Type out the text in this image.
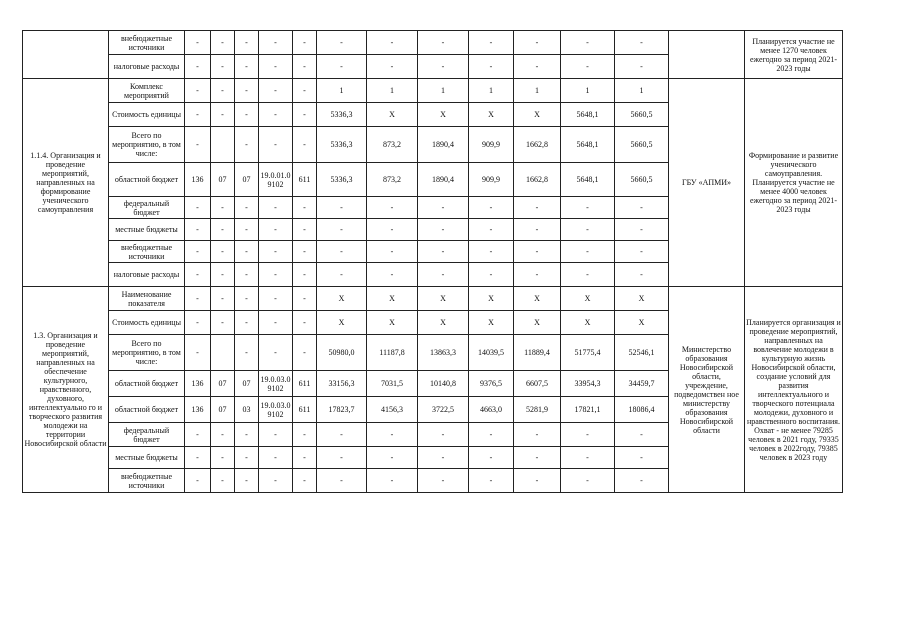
	внебюджетные источники	-	-	-	-	-	-	-	-	-	-	-	-		Планируется участие не менее 1270 человек ежегодно за период 2021-2023 годы
	налоговые расходы	-	-	-	-	-	-	-	-	-	-	-	-		
1.1.4. Организация и проведение мероприятий, направленных на формирование ученического самоуправления	Комплекс мероприятий	-	-	-	-	-	1	1	1	1	1	1	1	ГБУ «АПМИ»	Формирование и развитие ученического самоуправления. Планируется участие не менее 4000 человек ежегодно за период 2021-2023 годы
	Стоимость единицы	-	-	-	-	-	5336,3	X	X	X	X	5648,1	5660,5		
	Всего по мероприятию, в том числе:	-		-	-	-	5336,3	873,2	1890,4	909,9	1662,8	5648,1	5660,5		
	областной бюджет	136	07	07	19.0.01.0 9102	611	5336,3	873,2	1890,4	909,9	1662,8	5648,1	5660,5		
	федеральный бюджет	-	-	-	-	-	-	-	-	-	-	-	-		
	местные бюджеты	-	-	-	-	-	-	-	-	-	-	-	-		
	внебюджетные источники	-	-	-	-	-	-	-	-	-	-	-	-		
	налоговые расходы	-	-	-	-	-	-	-	-	-	-	-	-		
1.3. Организация и проведение мероприятий, направленных на обеспечение культурного, нравственного, духовного, интеллектуально го и творческого развития молодежи на территории Новосибирской области	Наименование показателя	-	-	-	-	-	X	X	X	X	X	X	X	Министерство образования Новосибирской области, учреждение, подведомствен ное министерству образования Новосибирской области	Планируется организация и проведение мероприятий, направленных на вовлечение молодежи в культурную жизнь Новосибирской области, создание условий для развития интеллектуального и творческого потенциала молодежи, духовного и нравственного воспитания. Охват - не менее 79285 человек в 2021 году, 79335 человек в 2022году, 79385 человек в 2023 году
	Стоимость единицы	-	-	-	-	-	X	X	X	X	X	X	X		
	Всего по мероприятию, в том числе:	-		-	-	-	50980,0	11187,8	13863,3	14039,5	11889,4	51775,4	52546,1		
	областной бюджет	136	07	07	19.0.03.0 9102	611	33156,3	7031,5	10140,8	9376,5	6607,5	33954,3	34459,7		
	областной бюджет	136	07	03	19.0.03.0 9102	611	17823,7	4156,3	3722,5	4663,0	5281,9	17821,1	18086,4		
	федеральный бюджет	-	-	-	-	-	-	-	-	-	-	-	-		
	местные бюджеты	-	-	-	-	-	-	-	-	-	-	-	-		
	внебюджетные источники	-	-	-	-	-	-	-	-	-	-	-	-		
